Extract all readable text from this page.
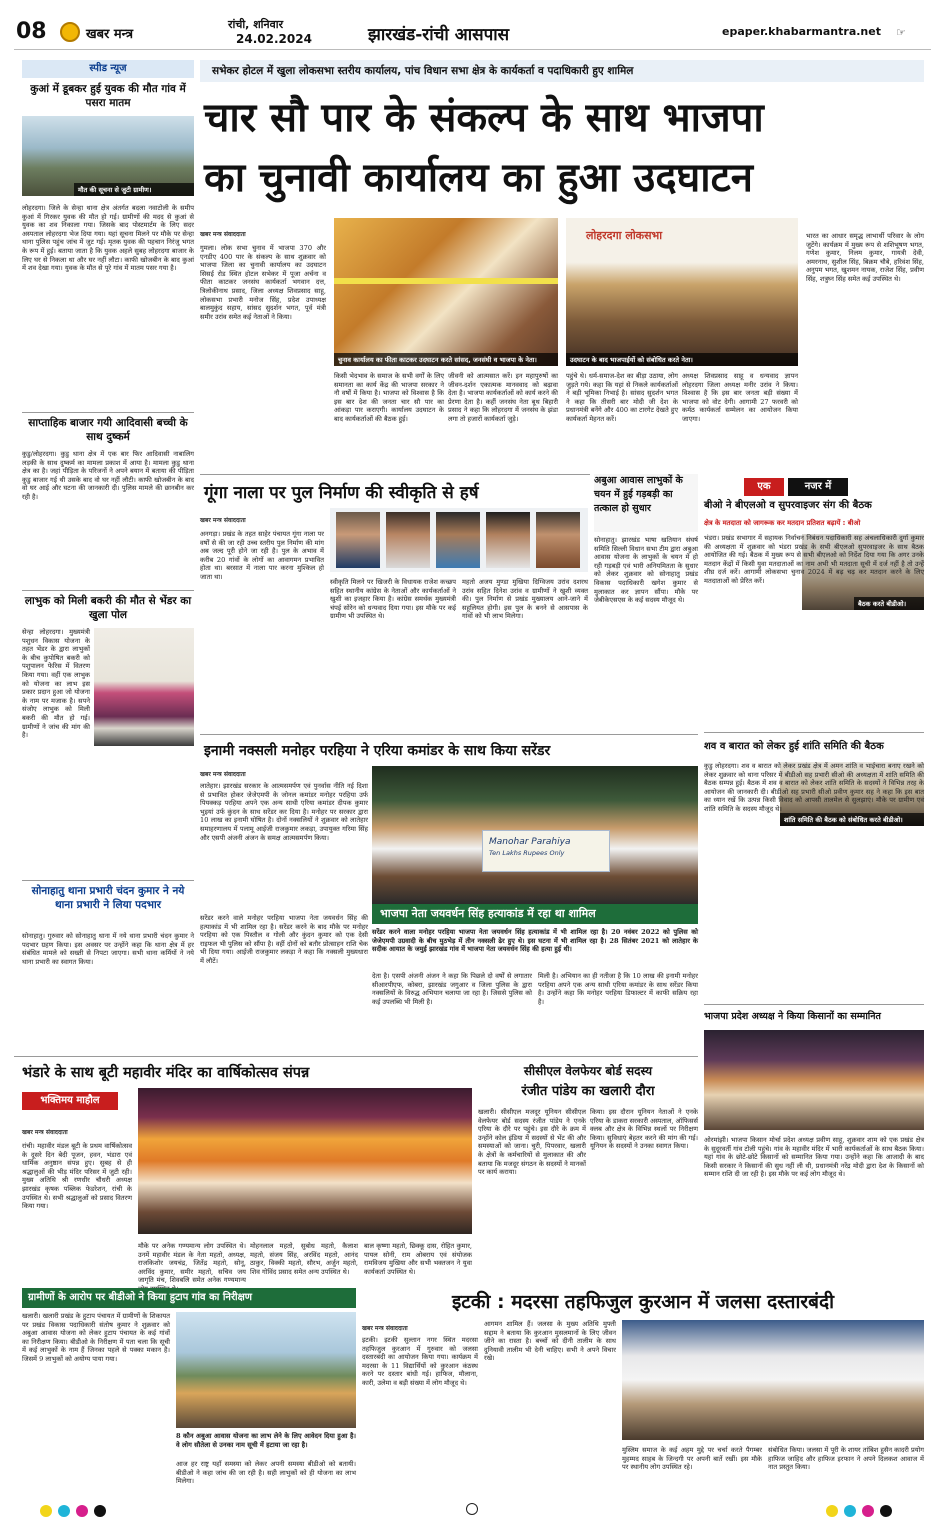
08	खबर मन्त्र
रांची, शनिवार
24.02.2024	झारखंड-रांची आसपास	epaper.khabarmantra.net ☞
स्पीड न्यूज	सभेकर होटल में खुला लोकसभा स्तरीय कार्यालय, पांच विधान सभा क्षेत्र के कार्यकर्ता व पदाधिकारी हुए शामिल
चार सौ पार के संकल्प के साथ भाजपा
का चुनावी कार्यालय का हुआ उदघाटन
खबर मन्त्र संवाददाता
गुमला। लोक सभा चुनाव में भाजपा 370 और एनडीए 400 पार के संकल्प के साथ शुक्रवार को भाजपा जिला का चुनावी कार्यालय का उदघाटन सिसई रोड स्थित होटल सभेकर में पूजा अर्चना व फीता काटकर जनसंघ कार्यकर्ता भगवान दत्त, त्रिलोकीनाथ प्रसाद, जिला अध्यक्ष शिवप्रसाद साहू, लोकसभा प्रभारी मनोज सिंह, प्रदेश उपाध्यक्ष बालमुकुंद सहाय, सांसद सुदर्शन भगत, पूर्व मंत्री समीर उरांव समेत कई नेताओं ने किया।
चुनाव कार्यालय का फीता काटकर उदघाटन करते सांसद, जनसंघी व भाजपा के नेता।
लोहरदगा लोकसभा
उदघाटन के बाद भाजपाईयों को संबोधित करते नेता।
किसी भेदभाव के समाज के सभी वर्गों के लिए समानता का कार्य केंद्र की भाजपा सरकार ने नौ वर्षों में किया है। भाजपा को विश्वास है कि इस बार देश की जनता चार सौ पार का आंकड़ा पार कराएगी। कार्यालय उदघाटन के बाद कार्यकर्ताओं की बैठक हुई।
जीवनी को आत्मसात करें। इन महापुरुषों का जीवन-दर्शन एकात्मक मानववाद को बढ़ावा देता है। भाजपा कार्यकर्ताओं को कार्य करने की प्रेरणा देता है। कहीं जनसंघ नेता बूथ बिहारी प्रसाद ने कहा कि लोहरदगा में जनसंघ के झंडा लगा तो हजारों कार्यकर्ता जुड़े।
पहुंचे थे। धर्म-समाज-देश का बीड़ा उठाया, लोग जुड़ते गये। कहा कि यहां से निकले कार्यकर्ताओं ने बड़ी भूमिका निभाई है। सांसद सुदर्शन भगत ने कहा कि तीसरी बार मोदी जी देश के प्रधानमंत्री बनेंगे और 400 का टारगेट देखते हुए कार्यकर्ता मेहनत करें।
अध्यक्ष शिवप्रसाद साहू व धन्यवाद ज्ञापन लोहरदगा जिला अध्यक्ष मनीर उरांव ने किया। विश्वास है कि इस बार जनता बड़ी संख्या में भाजपा को वोट देगी। आगामी 27 फरवरी को कर्मठ कार्यकर्ता सम्मेलन का आयोजन किया जाएगा।
भारत का आधार समृद्ध लाभार्थी परिवार के लोग जुटेंगे। कार्यक्रम में मुख्य रूप से शशिभूषण भगत, गणेश कुमार, निलम कुमार, गायत्री देवी, अमरनाथ, सुशील सिंह, बिक्रम चौबे, हरिवंश सिंह, अनुपम भगत, खुशमन नायक, राजेश सिंह, प्रवीण सिंह, शत्रुघ्न सिंह समेत कई उपस्थित थे।
कुआं में डूबकर हुई युवक की मौत गांव में पसरा मातम
मौत की सूचना से जुटी ग्रामीण।
लोहरदगा। जिले के सेन्हा थाना क्षेत्र अंतर्गत बदला नवाटोली के समीप कुआं में गिरकर युवक की मौत हो गई। ग्रामीणों की मदद से कुआं से युवक का शव निकाला गया। जिसके बाद पोस्टमार्टम के लिए सदर अस्पताल लोहरदगा भेज दिया गया। यहां सूचना मिलने पर मौके पर सेन्हा थाना पुलिस पहुंच जांच में जुट गई। मृतक युवक की पहचान निरंजु भगत के रूप में हुई। बताया जाता है कि युवक अहले सुबह लोहरदगा बाजार के लिए घर से निकला था और घर नहीं लौटा। काफी खोजबीन के बाद कुआं में शव देखा गया। युवक के मौत से पूरे गांव में मातम पसर गया है।
साप्ताहिक बाजार गयी आदिवासी बच्ची के साथ दुष्कर्म
कुडु/लोहरदगा। कुडु थाना क्षेत्र में एक बार फिर आदिवासी नाबालिग लड़की के साथ दुष्कर्म का मामला प्रकाश में आया है। मामला कुडु थाना क्षेत्र का है। जहां पीड़िता के परिजनों ने अपने बयान में बताया की पीड़िता कुडु बाजार गई थी उसके बाद वो घर नहीं लौटी। काफी खोजबीन के बाद वो घर आई और घटना की जानकारी दी। पुलिस मामले की छानबीन कर रही है।
लाभुक को मिली बकरी की मौत से भेंडर का खुला पोल
सेन्हा लोहरदगा। मुख्यमंत्री पशुधन विकास योजना के तहत भेंडर के द्वारा लाभुकों के बीच कुपोषित बकरी को पशुपालन फेरिस में वितरण किया गया। वहीं एक लाभुक को योजना का लाभ इस प्रकार प्रदान हुआ जो योजना के नाम पर मजाक है। सपने संजोए लाभुक को मिली बकरी की मौत हो गई। ग्रामीणों ने जांच की मांग की है।
सोनाहातु थाना प्रभारी चंदन कुमार ने नये थाना प्रभारी ने लिया पदभार
सोनाहातु। गुरुवार को सोनाहातु थाना में नये थाना प्रभारी चंदन कुमार ने पदभार ग्रहण किया। इस अवसर पर उन्होंने कहा कि थाना क्षेत्र में हर संबंधित मामले को सख्ती से निपटा जाएगा। सभी थाना कर्मियों ने नये थाना प्रभारी का स्वागत किया।
गूंगा नाला पर पुल निर्माण की स्वीकृति से हर्ष
खबर मन्त्र संवाददाता
अनगड़ा। प्रखंड के तहत साहेर पंचायत गूंगा नाला पर वर्षों से की जा रही उच्च स्तरीय पुल निर्माण की मांग अब जल्द पूरी होने जा रही है। पुल के अभाव में करीब 20 गांवों के लोगों का आवागमन प्रभावित होता था। बरसात में नाला पार करना मुश्किल हो जाता था।
स्वीकृति मिलने पर खिजरी के विधायक राजेश कच्छप सहित स्थानीय कांग्रेस के नेताओं और कार्यकर्ताओं ने खुशी का इजहार किया है। कांग्रेस समर्थक मुख्यमंत्री चंपई सोरेन को धन्यवाद दिया गया। इस मौके पर कई ग्रामीण भी उपस्थित थे।
महतो अजय मुण्डा मुखिया दिग्विजय उरांव दशरथ उरांव सहित दिनेश उरांव व ग्रामीणों ने खुशी व्यक्त की। पुल निर्माण से प्रखंड मुख्यालय आने-जाने में सहूलियत होगी। इस पुल के बनने से आसपास के गांवों को भी लाभ मिलेगा।
अबुआ आवास लाभुकों के चयन में हुई गड़बड़ी का तत्काल हो सुधार
सोनाहातु। झारखंड भाषा खतियान संघर्ष समिति सिल्ली विधान सभा टीम द्वारा अबुआ आवास योजना के लाभुकों के चयन में हो रही गड़बड़ी एवं भारी अनियमितता के सुधार को लेकर शुक्रवार को सोनाहातु प्रखंड विकास पदाधिकारी खगेश कुमार से मुलाकात कर ज्ञापन सौंपा। मौके पर जेबीकेएसएस के कई सदस्य मौजूद थे।
एक	नजर में
बीओ ने बीएलओ व सुपरवाइजर संग की बैठक
क्षेत्र के मतदाता को जागरूक कर मतदान प्रतिशत बढ़ायें : बीओ
बैठक करते बीडीओ।
भंडरा। प्रखंड सभागार में सहायक निर्वाचन निबंधन पदाधिकारी सह अंचलाधिकारी दुर्गा कुमार की अध्यक्षता में शुक्रवार को भंडरा प्रखंड के सभी बीएलओ सुपरवाइजर के साथ बैठक आयोजित की गई। बैठक में मुख्य रूप से सभी बीएलओ को निर्देश दिया गया कि अगर उनके मतदान केंद्रों में किसी युवा मतदाताओं का नाम अभी भी मतदाता सूची में दर्ज नहीं है तो उन्हें शीघ्र दर्ज करें। आगामी लोकसभा चुनाव 2024 में बढ़ चढ़ कर मतदान करने के लिए मतदाताओं को प्रेरित करें।
शव व बारात को लेकर हुई शांति समिति की बैठक
शांति समिति की बैठक को संबोधित करते बीडीओ।
कुडु लोहरदगा। शव व बारात को लेकर प्रखंड क्षेत्र में अमन शांति व भाईचारा बनाए रखने को लेकर शुक्रवार को थाना परिसर में बीडीओ सह प्रभारी सीओ की अध्यक्षता में शांति समिति की बैठक सम्पन्न हुई। बैठक में शव व बारात को लेकर शांति समिति के सदस्यों ने विभिन्न तरह के आयोजन की जानकारी दी। बीडीओ सह प्रभारी सीओ प्रवीण कुमार सह ने कहा कि इस बात का ध्यान रखें कि उत्पन्न किसी विवाद को आपसी तालमेल से सुलझाएं। मौके पर ग्रामीण एवं शांति समिति के सदस्य मौजूद थे।
इनामी नक्सली मनोहर परहिया ने एरिया कमांडर के साथ किया सरेंडर
खबर मन्त्र संवाददाता
लातेहार। झारखंड सरकार के आत्मसमर्पण एवं पुनर्वास नीति नई दिशा से प्रभावित होकर जेजेएमपी के जोनल कमांडर मनोहर परहिया उर्फ पियक्कड़ परहिया अपने एक अन्य साथी एरिया कमांडर दीपक कुमार भुइयां उर्फ कुंदन के साथ सरेंडर कर दिया है। मनोहर पर सरकार द्वारा 10 लाख का इनामी घोषित है। दोनों नक्सलियों ने शुक्रवार को लातेहार समाहरणालय में पलामू आईजी राजकुमार लकड़ा, उपायुक्त गरिमा सिंह और एसपी अंजनी अंजन के समक्ष आत्मसमर्पण किया।	Manohar Parahiya
Ten Lakhs Rupees Only
सरेंडर करने वाले मनोहर परहिया भाजपा नेता जयवर्धन सिंह की हत्याकांड में भी शामिल रहा है। सरेंडर करने के बाद मौके पर मनोहर परहिया को एक पिस्तौल व गोली और कुंदन कुमार को एक देसी राइफल भी पुलिस को सौंपा है। वहीं दोनों को बतौर प्रोत्साहन राशि चेक भी दिया गया। आईजी राजकुमार लकड़ा ने कहा कि नक्सली मुख्यधारा में लौटें।
भाजपा नेता जयवर्धन सिंह हत्याकांड में रहा था शामिल
सरेंडर करने वाला मनोहर परहिया भाजपा नेता जयवर्धन सिंह हत्याकांड में भी शामिल रहा है। 20 नवंबर 2022 को पुलिस को जेजेएमपी उग्रवादी के बीच मुठभेड़ में तीन नक्सली ढेर हुए थे। इस घटना में भी शामिल रहा है। 28 सितंबर 2021 को लातेहार के सदीक आयात के जमुई झारखंड गांव में भाजपा नेता जयवर्धन सिंह की हत्या हुई थी।
देता है। एसपी अंजनी अंजन ने कहा कि पिछले दो वर्षों से लगातार सीआरपीएफ, कोबरा, झारखंड जगुआर व जिला पुलिस के द्वारा नक्सलियों के विरुद्ध अभियान चलाया जा रहा है। जिससे पुलिस को कई उपलब्धि भी मिली है।
मिली है। अभियान का ही नतीजा है कि 10 लाख की इनामी मनोहर परहिया अपने एक अन्य साथी एरिया कमांडर के साथ सरेंडर किया है। उन्होंने कहा कि मनोहर परहिया डिफाल्टर में काफी सक्रिय रहा है।
भाजपा प्रदेश अध्यक्ष ने किया किसानों का सम्मानित
ओरमांझी। भाजपा किसान मोर्चा प्रदेश अध्यक्ष प्रवीण साहू, शुक्रवार शाम को एक प्रखंड क्षेत्र के सुदूरवर्ती गांव टोली पहुंचे। गांव के महावीर मंदिर में भारी कार्यकर्ताओं के साथ बैठक किया। यहां गांव के छोटे-छोटे किसानों को सम्मानित किया गया। उन्होंने कहा कि आजादी के बाद किसी सरकार ने किसानों की सुध नहीं ली थी, प्रधानमंत्री नरेंद्र मोदी द्वारा देश के किसानों को सम्मान राशि दी जा रही है। इस मौके पर कई लोग मौजूद थे।
भंडारे के साथ बूटी महावीर मंदिर का वार्षिकोत्सव संपन्न
भक्तिमय माहौल
खबर मन्त्र संवाददाता
रांची। महावीर मंडल बूटी के प्रथम वार्षिकोत्सव के दूसरे दिन बेदी पूजन, हवन, भंडारा एवं धार्मिक अनुष्ठान संपन्न हुए। सुबह से ही श्रद्धालुओं की भीड़ मंदिर परिसर में जुटी रही। मुख्य अतिथि श्री रणधीर चौधरी अध्यक्ष झारखंड कृषक पब्लिक फेडरेशन, रांची के उपस्थित थे। सभी श्रद्धालुओं को प्रसाद वितरण किया गया।
मौके पर अनेक गण्यमान्य लोग उपस्थित थे। उनमें महावीर मंडल के नेता महतो, अध्यक्ष, राजकिशोर जयचंद्र, जितेंद्र महतो, सोनू, अरविंद कुमार, समीर महतो, सचिव जय जागृति मंच, शिवबलि समेत अनेक गण्यमान्य
मोहनलाल महतो, सुबोध महतो, कैलाश महतो, संजय सिंह, अरविंद महतो, आनंद ठाकुर, विक्की महतो, सौरभ, अर्जुन महतो, शिव गोविंद प्रसाद समेत अन्य उपस्थित थे।
सीसीएल वेलफेयर बोर्ड सदस्य
रंजीत पांडेय का खलारी दौरा
बाल कृष्णा महतो, छिक्कू दास, रोहित कुमार, पायल सोनी, राम ओबराय एवं संयोजक रामविजय मुखिया और सभी भक्तजन ने युवा कार्यकर्ता उपस्थित थे।
खलारी। सीसीएल मजदूर यूनियन सीसीएल वेलफेयर बोर्ड सदस्य रंजीत पांडेय ने एनके एरिया के दौरे पर पहुंचे। इस दौरे के क्रम में उन्होंने कोल इंडिया में सदस्यों से भेंट की और समस्याओं को जाना। चुरी, पिपरवार, खलारी के क्षेत्रों के कर्मचारियों से मुलाकात की और बताया कि मजदूर संगठन के सदस्यों ने मानकों पर कार्य कराया।
किया। इस दौरान यूनियन नेताओं ने एनके एरिया के डाकरा सरकारी अस्पताल, ऑफिसर्स क्लब और क्षेत्र के विभिन्न स्थलों पर निरीक्षण किया। सुविधाएं बेहतर करने की मांग की गई। यूनियन के सदस्यों ने उनका स्वागत किया।
ग्रामीणों के आरोप पर बीडीओ ने किया हुटाप गांव का निरीक्षण
खलारी। खलारी प्रखंड के हुटाप पंचायत में ग्रामीणों के शिकायत पर प्रखंड विकास पदाधिकारी संतोष कुमार ने शुक्रवार को अबुआ आवास योजना को लेकर हुटाप पंचायत के कई गांवों का निरीक्षण किया। बीडीओ के निरीक्षण में पता चला कि सूची में कई लाभुकों के नाम हैं जिनका पहले से पक्का मकान है। जिसमें 9 लाभुकों को अयोग्य पाया गया।
8 कौन अबुआ आवास योजना का लाभ लेने के लिए आवेदन दिया हुआ है। वे लोग सौतेला से उनका नाम सूची में हटाया जा रहा है।
आज हर राष्ट्र यहाँ समस्या को लेकर अपनी समस्या बीडीओ को बतायी। बीडीओ ने कहा जांच की जा रही है। सही लाभुकों को ही योजना का लाभ मिलेगा।
इटकी : मदरसा तहफिजुल कुरआन में जलसा दस्तारबंदी
खबर मन्त्र संवाददाता
इटकी। इटकी सुल्तान नगर स्थित मदरसा तहफिजुल कुरआन में गुरुवार को जलसा दस्तारबंदी का आयोजन किया गया। कार्यक्रम में मदरसा के 11 विद्यार्थियों को कुरआन कंठस्थ करने पर दस्तार बांधी गई। हाफिज, मौलाना, कारी, उलेमा व बड़ी संख्या में लोग मौजूद थे।
आगमन शामिल हैं। जलसा के मुख्य अतिथि मुफ्ती सद्दाम ने बताया कि कुरआन मुसलमानों के लिए जीवन जीने का रास्ता है। बच्चों को दीनी तालीम के साथ दुनियावी तालीम भी देनी चाहिए। सभी ने अपने विचार रखे।
मुस्लिम समाज के कई अहम मुद्दे पर चर्चा करते पैगम्बर मुहम्मद साहब के जिन्दगी पर अपनी बातें रखीं। इस मौके पर स्थानीय लोग उपस्थित रहे।
संबोधित किया। जलसा में पूरी के शायर तांबिश हुसैन कादरी प्रयोग हाफिज जाहिद और हाफिज इरफान ने अपने दिलकश आवाज में नात प्रस्तुत किया।
